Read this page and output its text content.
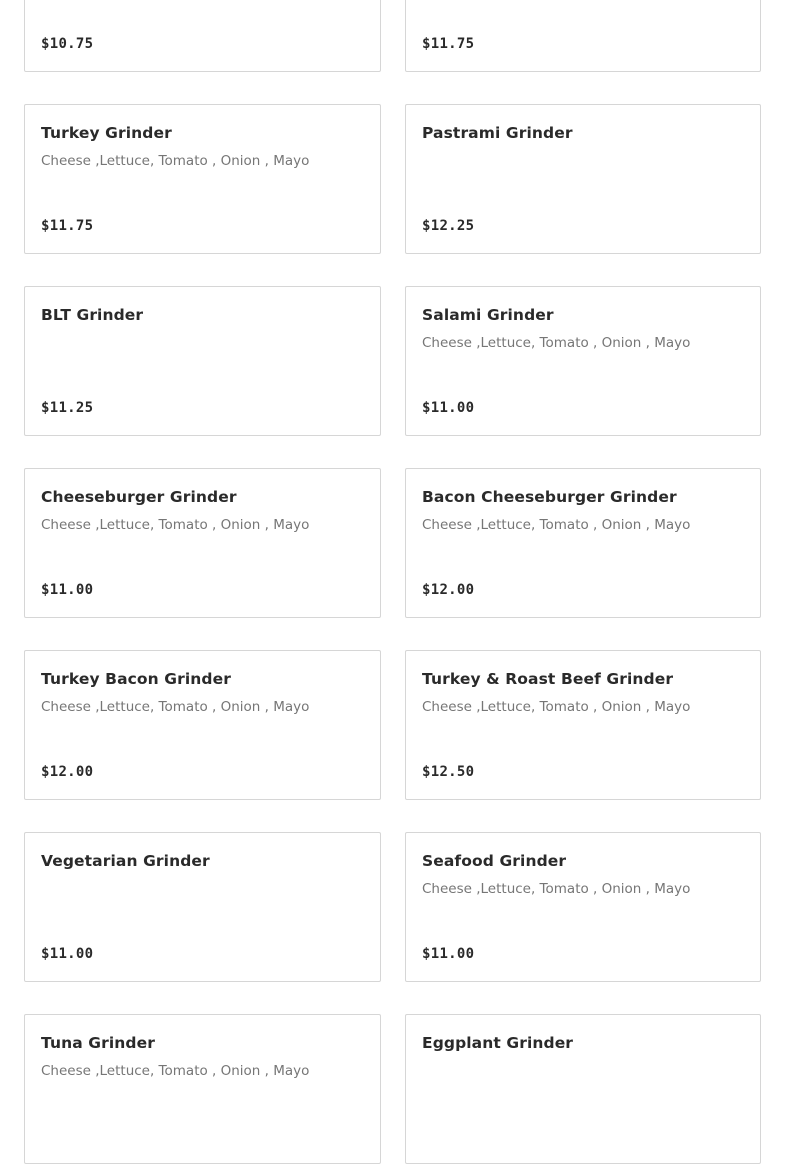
$10.75	$11.75
Turkey Grinder
Cheese ,Lettuce, Tomato , Onion , Mayo
$11.75
Pastrami Grinder
$12.25
BLT Grinder
$11.25
Salami Grinder
Cheese ,Lettuce, Tomato , Onion , Mayo
$11.00
Cheeseburger Grinder
Cheese ,Lettuce, Tomato , Onion , Mayo
$11.00
Bacon Cheeseburger Grinder
Cheese ,Lettuce, Tomato , Onion , Mayo
$12.00
Turkey Bacon Grinder
Cheese ,Lettuce, Tomato , Onion , Mayo
$12.00
Turkey & Roast Beef Grinder
Cheese ,Lettuce, Tomato , Onion , Mayo
$12.50
Vegetarian Grinder
$11.00
Seafood Grinder
Cheese ,Lettuce, Tomato , Onion , Mayo
$11.00
Tuna Grinder
Cheese ,Lettuce, Tomato , Onion , Mayo
Eggplant Grinder
